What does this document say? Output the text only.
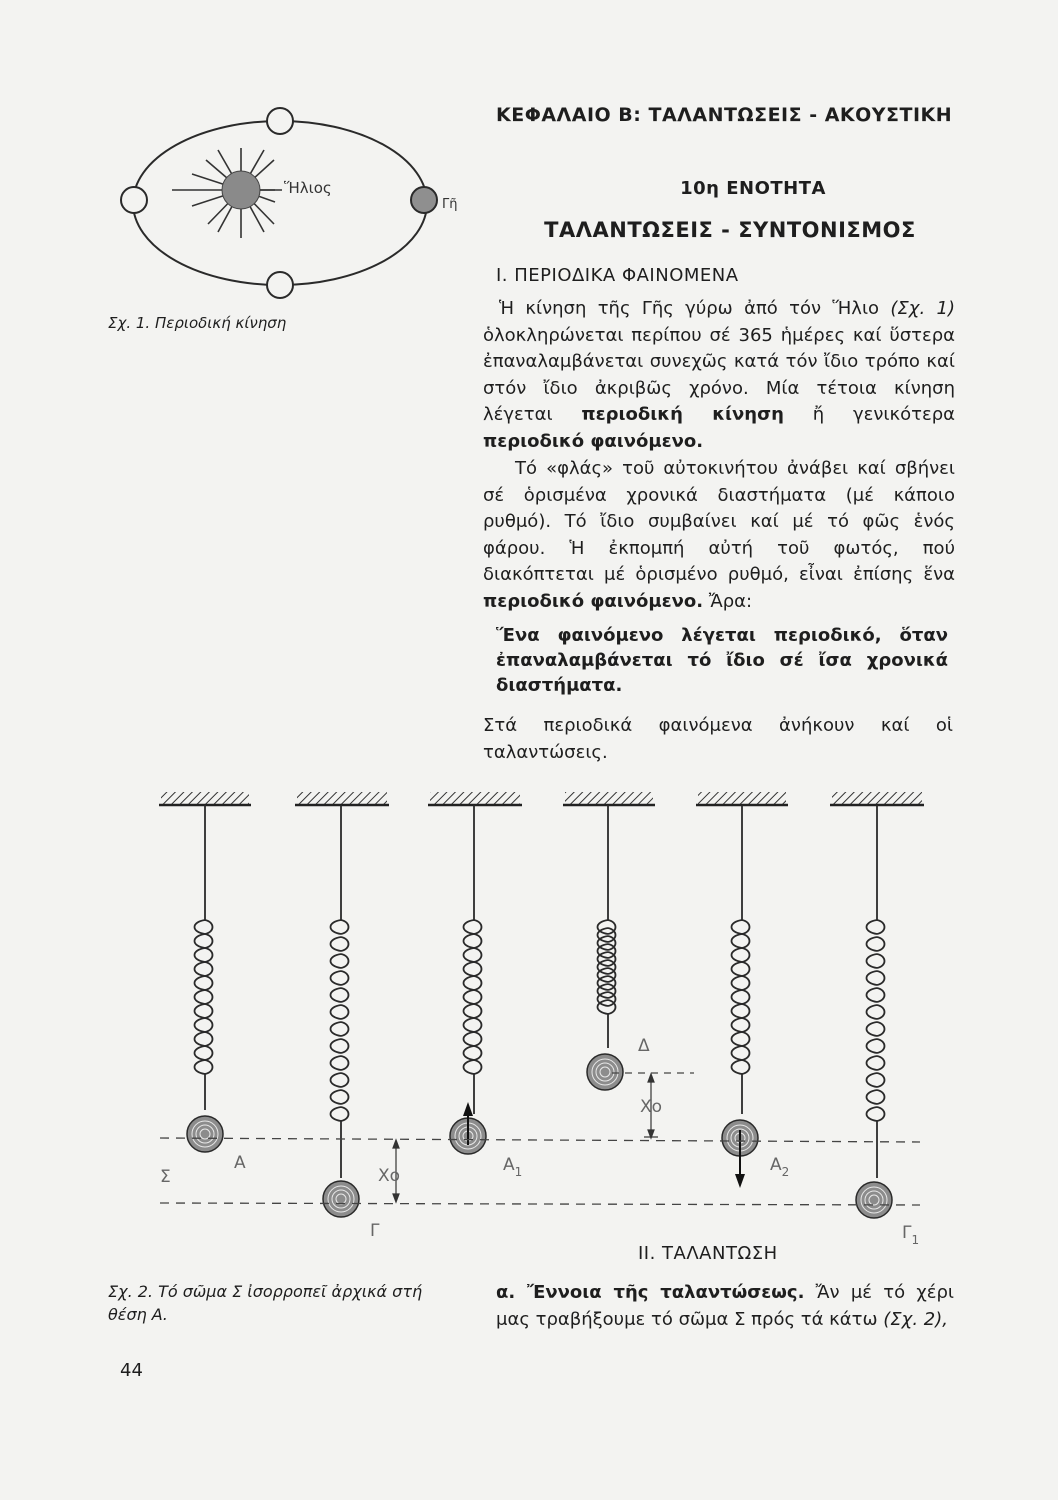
ΚΕΦΑΛΑΙΟ Β: ΤΑΛΑΝΤΩΣΕΙΣ - ΑΚΟΥΣΤΙΚΗ
10η ΕΝΟΤΗΤΑ
ΤΑΛΑΝΤΩΣΕΙΣ - ΣΥΝΤΟΝΙΣΜΟΣ
Ι. ΠΕΡΙΟΔΙΚΑ ΦΑΙΝΟΜΕΝΑ
Ἥλιος
Γῆ
Σχ. 1. Περιοδική κίνηση
Ἡ κίνηση τῆς Γῆς γύρω ἀπό τόν Ἥλιο (Σχ. 1) ὁλοκληρώνεται περίπου σέ 365 ἡμέρες καί ὕστερα ἐπαναλαμβάνεται συνεχῶς κατά τόν ἴδιο τρόπο καί στόν ἴδιο ἀκριβῶς χρόνο. Μία τέτοια κίνηση λέγεται περιοδική κίνηση ἤ γενικότερα περιοδικό φαινόμενο.
Τό «φλάς» τοῦ αὐτοκινήτου ἀνάβει καί σβήνει σέ ὁρισμένα χρονικά διαστήματα (μέ κάποιο ρυθμό). Τό ἴδιο συμβαίνει καί μέ τό φῶς ἑνός φάρου. Ἡ ἐκπομπή αὐτή τοῦ φωτός, πού διακόπτεται μέ ὁρισμένο ρυθμό, εἶναι ἐπίσης ἕνα περιοδικό φαινόμενο. Ἄρα:
Ἕνα φαινόμενο λέγεται περιοδικό, ὅταν ἐπαναλαμβάνεται τό ἴδιο σέ ἴσα χρονικά διαστήματα.
Στά περιοδικά φαινόμενα ἀνήκουν καί οἱ ταλαντώσεις.
Σ
Α
Xο
Γ
$A_1$
Δ
Xο
$A_2$
$\Gamma_1$
ΙΙ. ΤΑΛΑΝΤΩΣΗ
Σχ. 2. Τό σῶμα Σ ἰσορροπεῖ ἀρχικά στή θέση Α.
α. Ἔννοια τῆς ταλαντώσεως. Ἄν μέ τό χέρι μας τραβήξουμε τό σῶμα Σ πρός τά κάτω (Σχ. 2),
44
